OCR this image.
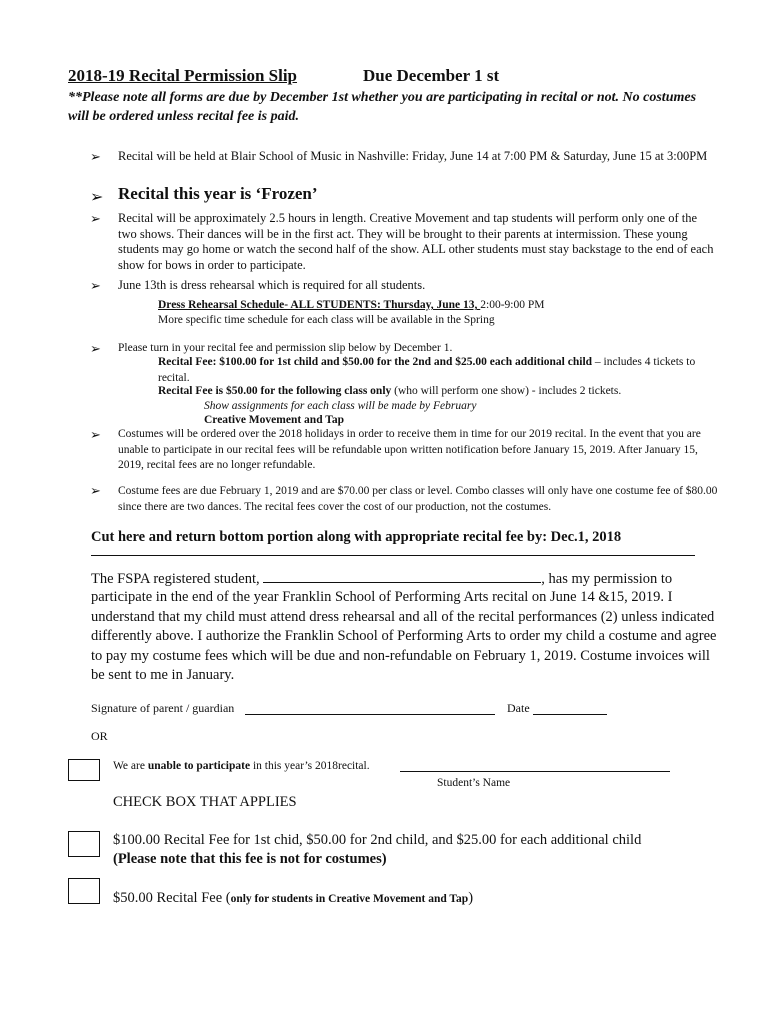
2018-19 Recital Permission Slip	Due December 1 st
**Please note all forms are due by December 1st whether you are participating in recital or not. No costumes will be ordered unless recital fee is paid.
➢ Recital will be held at Blair School of Music in Nashville: Friday, June 14 at 7:00 PM & Saturday, June 15 at 3:00PM
➢ Recital this year is ‘Frozen’
➢ Recital will be approximately 2.5 hours in length. Creative Movement and tap students will perform only one of the two shows. Their dances will be in the first act. They will be brought to their parents at intermission. These young students may go home or watch the second half of the show. ALL other students must stay backstage to the end of each show for bows in order to participate.
➢ June 13th is dress rehearsal which is required for all students.
Dress Rehearsal Schedule- ALL STUDENTS: Thursday, June 13, 2:00-9:00 PM
More specific time schedule for each class will be available in the Spring
➢ Please turn in your recital fee and permission slip below by December 1.
Recital Fee: $100.00 for 1st child and $50.00 for the 2nd and $25.00 each additional child – includes 4 tickets to recital.
Recital Fee is $50.00 for the following class only (who will perform one show) - includes 2 tickets.
Show assignments for each class will be made by February
Creative Movement and Tap
➢ Costumes will be ordered over the 2018 holidays in order to receive them in time for our 2019 recital. In the event that you are unable to participate in our recital fees will be refundable upon written notification before January 15, 2019. After January 15, 2019, recital fees are no longer refundable.
➢ Costume fees are due February 1, 2019 and are $70.00 per class or level. Combo classes will only have one costume fee of $80.00 since there are two dances. The recital fees cover the cost of our production, not the costumes.
Cut here and return bottom portion along with appropriate recital fee by: Dec.1, 2018
The FSPA registered student,	, has my permission to
participate in the end of the year Franklin School of Performing Arts recital on June 14 &15, 2019. I understand that my child must attend dress rehearsal and all of the recital performances (2) unless indicated differently above. I authorize the Franklin School of Performing Arts to order my child a costume and agree to pay my costume fees which will be due and non-refundable on February 1, 2019. Costume invoices will be sent to me in January.
Signature of parent / guardian	Date
OR
We are unable to participate in this year’s 2018recital.
Student’s Name
CHECK BOX THAT APPLIES
$100.00 Recital Fee for 1st chid, $50.00 for 2nd child, and $25.00 for each additional child
(Please note that this fee is not for costumes)
$50.00 Recital Fee (only for students in Creative Movement and Tap)
